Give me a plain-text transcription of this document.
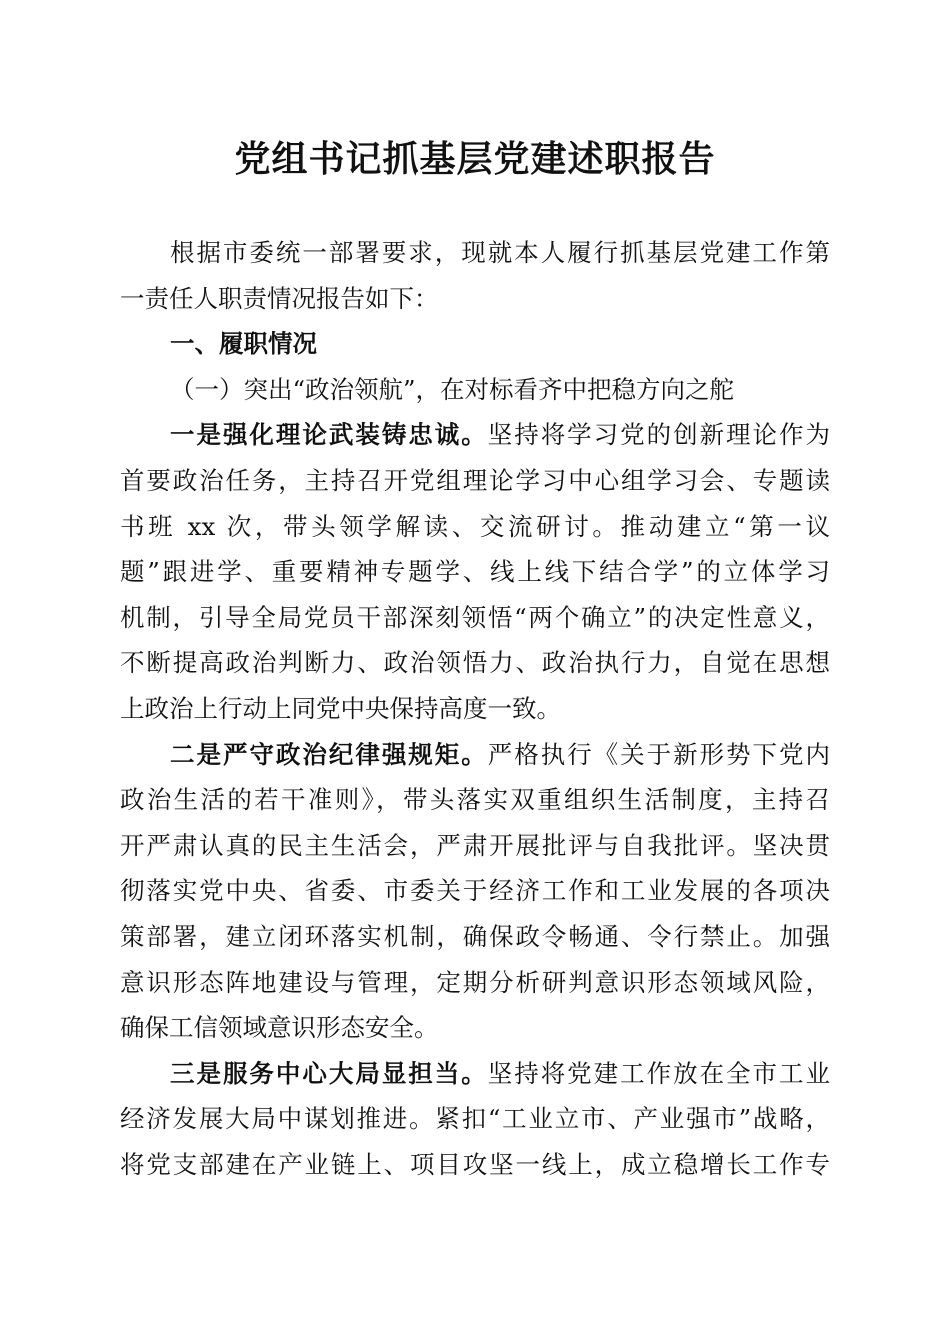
党组书记抓基层党建述职报告
根据市委统一部署要求，现就本人履行抓基层党建工作第
一责任人职责情况报告如下：
一、履职情况
（一）突出“政治领航”，在对标看齐中把稳方向之舵
一是强化理论武装铸忠诚。坚持将学习党的创新理论作为
首要政治任务，主持召开党组理论学习中心组学习会、专题读
书班 xx 次，带头领学解读、交流研讨。推动建立“第一议
题”跟进学、重要精神专题学、线上线下结合学”的立体学习
机制，引导全局党员干部深刻领悟“两个确立”的决定性意义，
不断提高政治判断力、政治领悟力、政治执行力，自觉在思想
上政治上行动上同党中央保持高度一致。
二是严守政治纪律强规矩。严格执行《关于新形势下党内
政治生活的若干准则》，带头落实双重组织生活制度，主持召
开严肃认真的民主生活会，严肃开展批评与自我批评。坚决贯
彻落实党中央、省委、市委关于经济工作和工业发展的各项决
策部署，建立闭环落实机制，确保政令畅通、令行禁止。加强
意识形态阵地建设与管理，定期分析研判意识形态领域风险，
确保工信领域意识形态安全。
三是服务中心大局显担当。坚持将党建工作放在全市工业
经济发展大局中谋划推进。紧扣“工业立市、产业强市”战略，
将党支部建在产业链上、项目攻坚一线上，成立稳增长工作专
